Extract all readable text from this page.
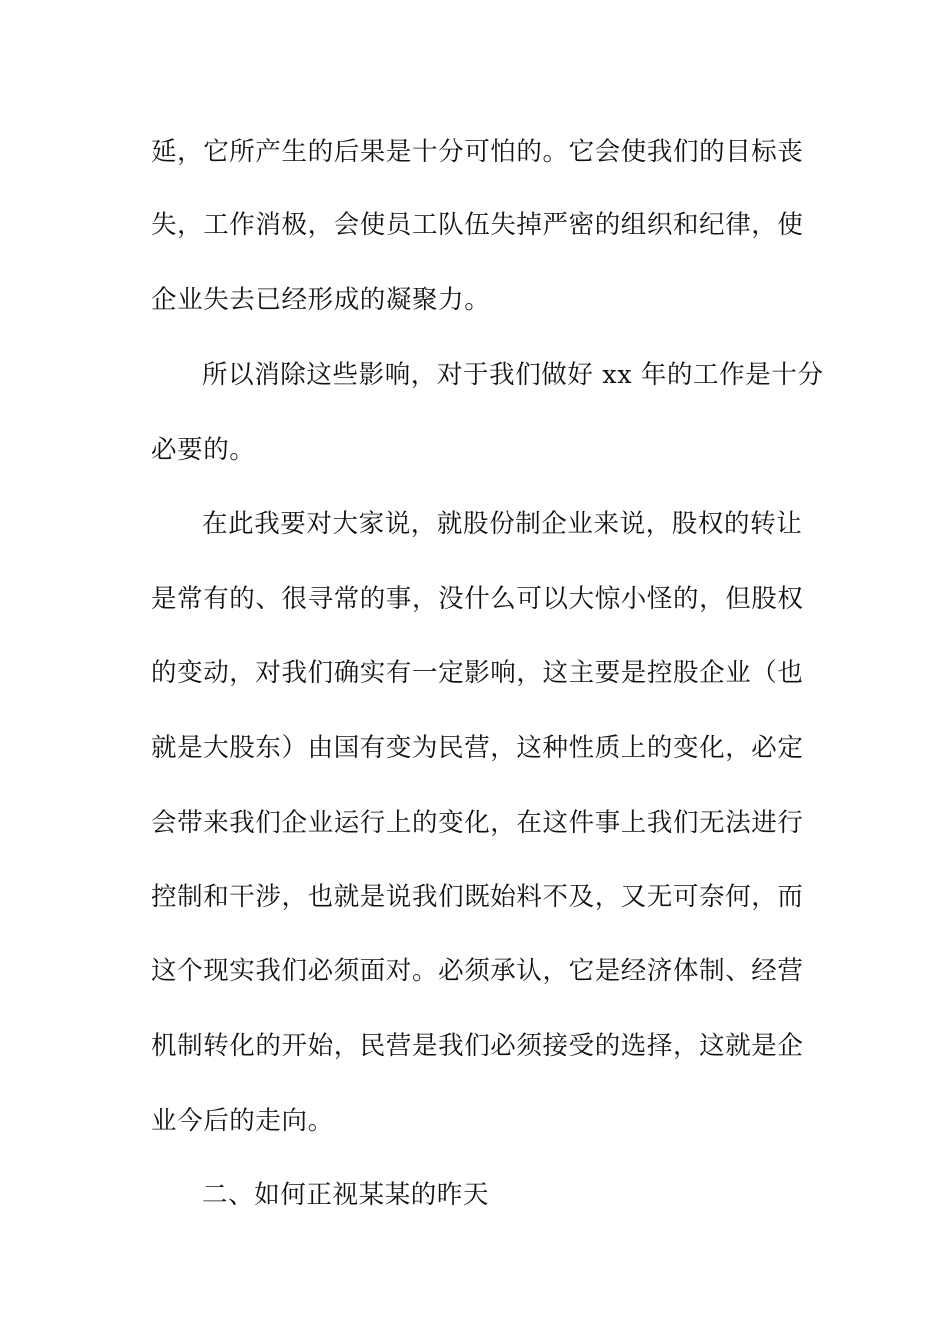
延，它所产生的后果是十分可怕的。它会使我们的目标丧
失，工作消极，会使员工队伍失掉严密的组织和纪律，使
企业失去已经形成的凝聚力。
所以消除这些影响，对于我们做好 xx 年的工作是十分
必要的。
在此我要对大家说，就股份制企业来说，股权的转让
是常有的、很寻常的事，没什么可以大惊小怪的，但股权
的变动，对我们确实有一定影响，这主要是控股企业（也
就是大股东）由国有变为民营，这种性质上的变化，必定
会带来我们企业运行上的变化，在这件事上我们无法进行
控制和干涉，也就是说我们既始料不及，又无可奈何，而
这个现实我们必须面对。必须承认，它是经济体制、经营
机制转化的开始，民营是我们必须接受的选择，这就是企
业今后的走向。
二、如何正视某某的昨天
